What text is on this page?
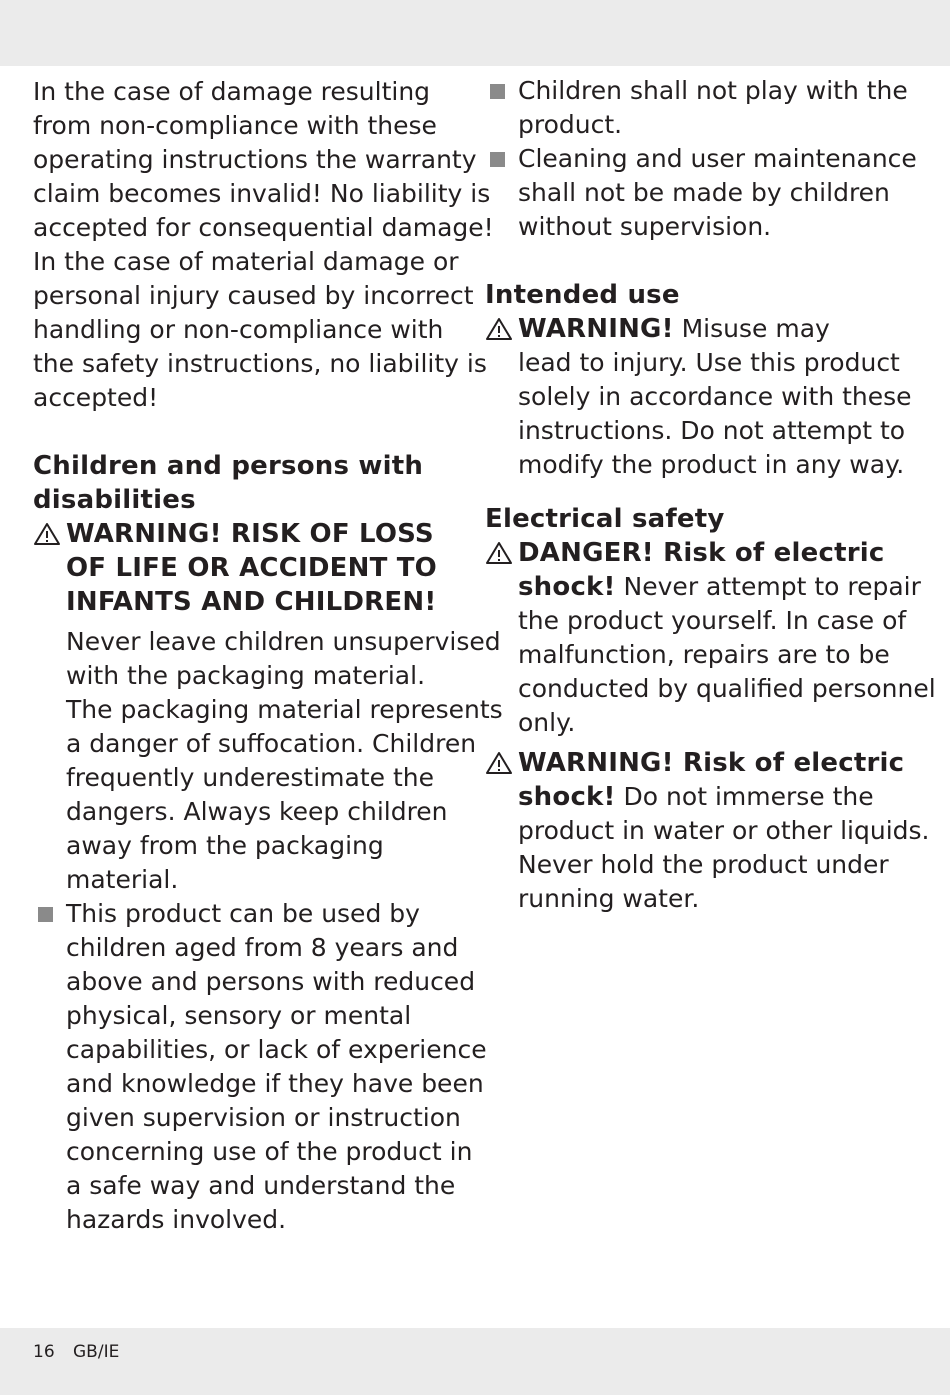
In the case of damage resulting
from non-compliance with these
operating instructions the warranty
claim becomes invalid! No liability is
accepted for consequential damage!
In the case of material damage or
personal injury caused by incorrect
handling or non-compliance with
the safety instructions, no liability is
accepted!
Children and persons with
disabilities
WARNING! RISK OF LOSS
OF LIFE OR ACCIDENT TO
INFANTS AND CHILDREN!
Never leave children unsupervised
with the packaging material.
The packaging material represents
a danger of suffocation. Children
frequently underestimate the
dangers. Always keep children
away from the packaging
material.
This product can be used by
children aged from 8 years and
above and persons with reduced
physical, sensory or mental
capabilities, or lack of experience
and knowledge if they have been
given supervision or instruction
concerning use of the product in
a safe way and understand the
hazards involved.
Children shall not play with the
product.
Cleaning and user maintenance
shall not be made by children
without supervision.
Intended use
WARNING! Misuse may
lead to injury. Use this product
solely in accordance with these
instructions. Do not attempt to
modify the product in any way.
Electrical safety
DANGER! Risk of electric
shock! Never attempt to repair
the product yourself. In case of
malfunction, repairs are to be
conducted by qualified personnel
only.
WARNING! Risk of electric
shock! Do not immerse the
product in water or other liquids.
Never hold the product under
running water.
16 GB/IE
